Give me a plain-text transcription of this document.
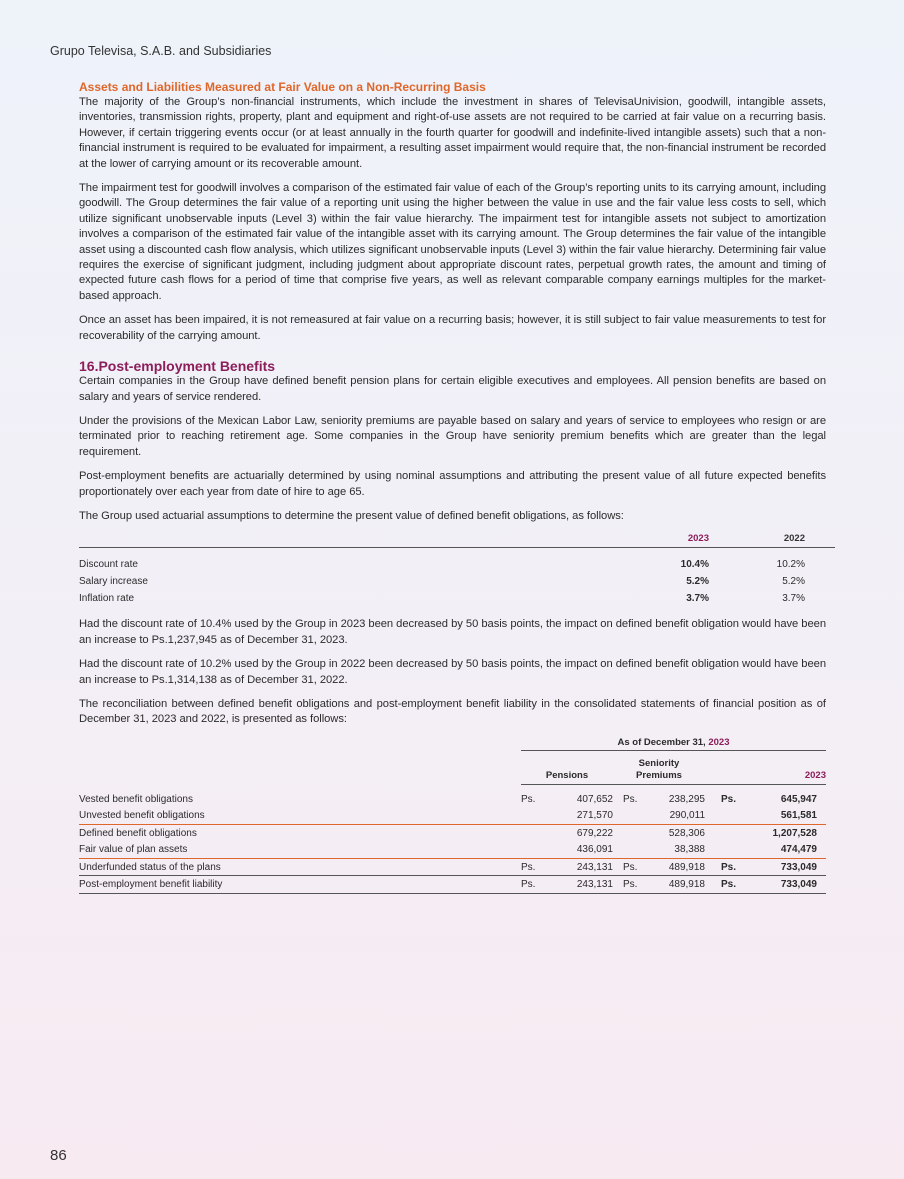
Grupo Televisa, S.A.B. and Subsidiaries
Assets and Liabilities Measured at Fair Value on a Non-Recurring Basis

The majority of the Group’s non-financial instruments, which include the investment in shares of TelevisaUnivision, goodwill, intangible assets, inventories, transmission rights, property, plant and equipment and right-of-use assets are not required to be carried at fair value on a recurring basis. However, if certain triggering events occur (or at least annually in the fourth quarter for goodwill and indefinite-lived intangible assets) such that a non-financial instrument is required to be evaluated for impairment, a resulting asset impairment would require that, the non-financial instrument be recorded at the lower of carrying amount or its recoverable amount.

The impairment test for goodwill involves a comparison of the estimated fair value of each of the Group’s reporting units to its carrying amount, including goodwill. The Group determines the fair value of a reporting unit using the higher between the value in use and the fair value less costs to sell, which utilize significant unobservable inputs (Level 3) within the fair value hierarchy. The impairment test for intangible assets not subject to amortization involves a comparison of the estimated fair value of the intangible asset with its carrying amount. The Group determines the fair value of the intangible asset using a discounted cash flow analysis, which utilizes significant unobservable inputs (Level 3) within the fair value hierarchy. Determining fair value requires the exercise of significant judgment, including judgment about appropriate discount rates, perpetual growth rates, the amount and timing of expected future cash flows for a period of time that comprise five years, as well as relevant comparable company earnings multiples for the market-based approach.

Once an asset has been impaired, it is not remeasured at fair value on a recurring basis; however, it is still subject to fair value measurements to test for recoverability of the carrying amount.

16.Post-employment Benefits

Certain companies in the Group have defined benefit pension plans for certain eligible executives and employees. All pension benefits are based on salary and years of service rendered.

Under the provisions of the Mexican Labor Law, seniority premiums are payable based on salary and years of service to employees who resign or are terminated prior to reaching retirement age. Some companies in the Group have seniority premium benefits which are greater than the legal requirement.

Post-employment benefits are actuarially determined by using nominal assumptions and attributing the present value of all future expected benefits proportionately over each year from date of hire to age 65.

The Group used actuarial assumptions to determine the present value of defined benefit obligations, as follows:

2023	2022
Discount rate	10.4%	10.2%
Salary increase	5.2%	5.2%
Inflation rate	3.7%	3.7%

Had the discount rate of 10.4% used by the Group in 2023 been decreased by 50 basis points, the impact on defined benefit obligation would have been an increase to Ps.1,237,945 as of December 31, 2023.

Had the discount rate of 10.2% used by the Group in 2022 been decreased by 50 basis points, the impact on defined benefit obligation would have been an increase to Ps.1,314,138 as of December 31, 2022.

The reconciliation between defined benefit obligations and post-employment benefit liability in the consolidated statements of financial position as of December 31, 2023 and 2022, is presented as follows:

As of December 31, 2023
Pensions
Seniority
Premiums	2023
Vested benefit obligations	Ps.	407,652	Ps.	238,295	Ps.	645,947
Unvested benefit obligations	271,570	290,011	561,581
Defined benefit obligations	679,222	528,306	1,207,528
Fair value of plan assets	436,091	38,388	474,479
Underfunded status of the plans	Ps.	243,131	Ps.	489,918	Ps.	733,049
Post-employment benefit liability	Ps.	243,131	Ps.	489,918	Ps.	733,049
86
